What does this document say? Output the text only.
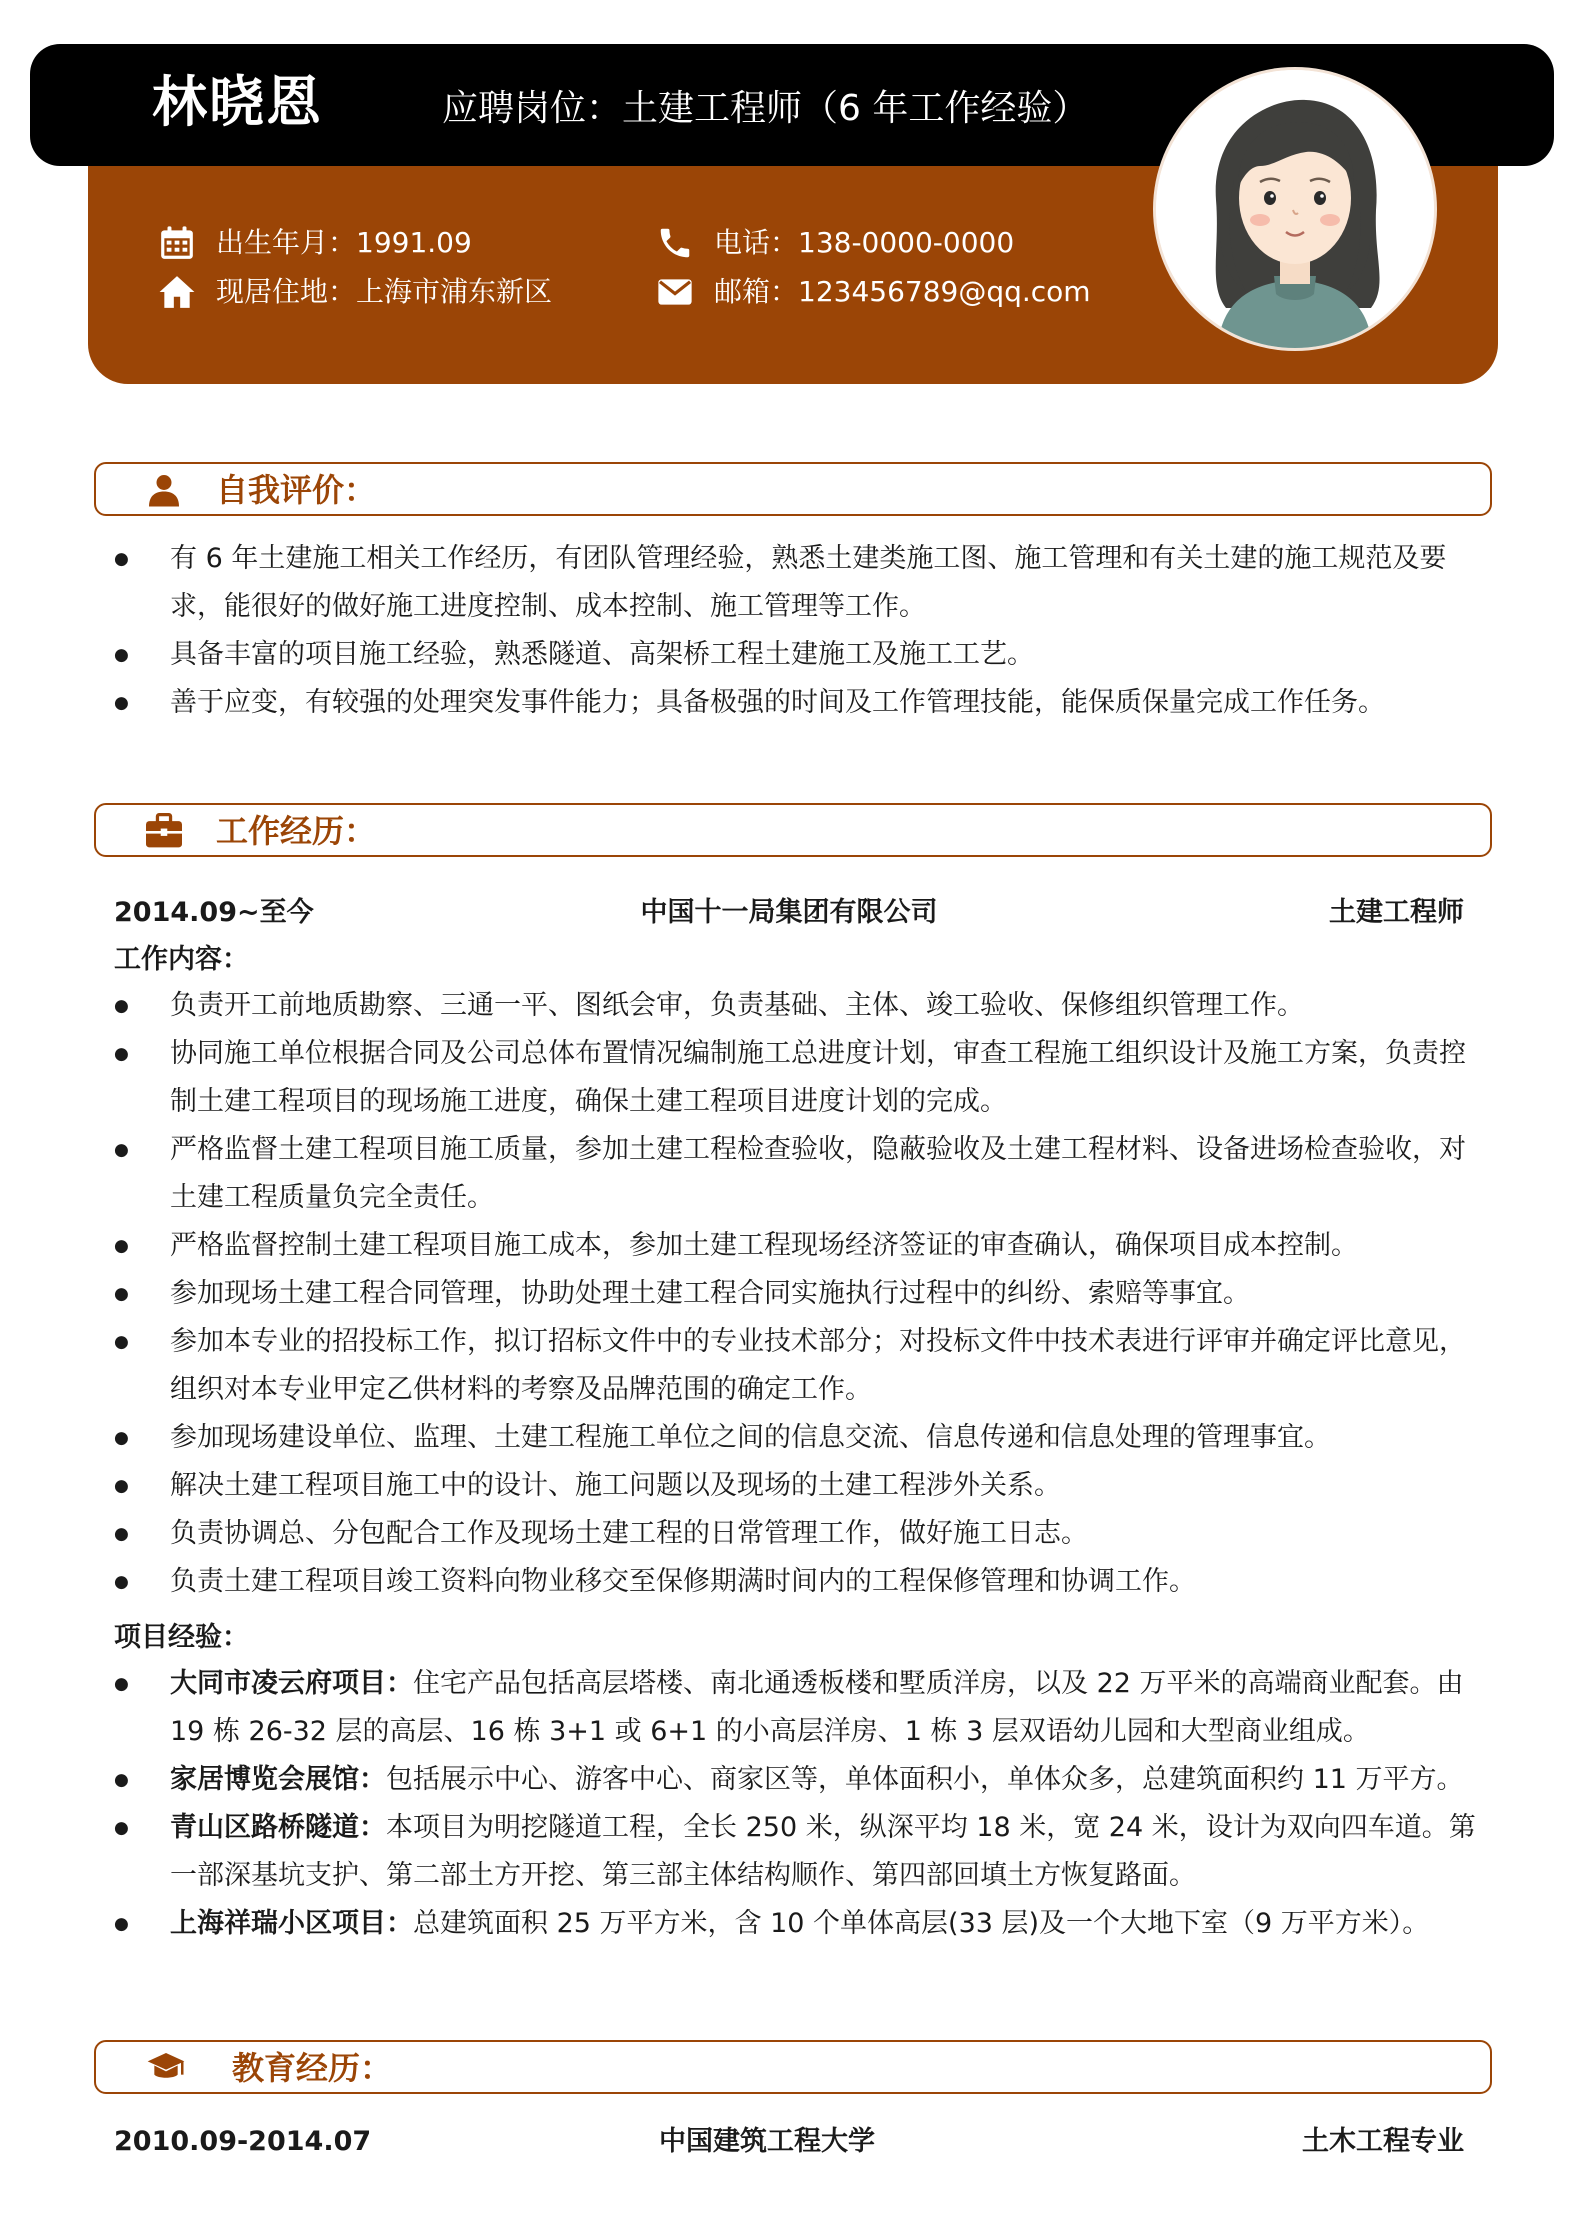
林晓恩	应聘岗位：土建工程师（6 年工作经验）
出生年月：1991.09
现居住地：上海市浦东新区
电话：138-0000-0000
邮箱：123456789@qq.com
自我评价：
● 有 6 年土建施工相关工作经历，有团队管理经验，熟悉土建类施工图、施工管理和有关土建的施工规范及要求，能很好的做好施工进度控制、成本控制、施工管理等工作。
● 具备丰富的项目施工经验，熟悉隧道、高架桥工程土建施工及施工工艺。
● 善于应变，有较强的处理突发事件能力；具备极强的时间及工作管理技能，能保质保量完成工作任务。
工作经历：
2014.09~至今	中国十一局集团有限公司	土建工程师
工作内容：
● 负责开工前地质勘察、三通一平、图纸会审，负责基础、主体、竣工验收、保修组织管理工作。
● 协同施工单位根据合同及公司总体布置情况编制施工总进度计划，审查工程施工组织设计及施工方案，负责控制土建工程项目的现场施工进度，确保土建工程项目进度计划的完成。
● 严格监督土建工程项目施工质量，参加土建工程检查验收，隐蔽验收及土建工程材料、设备进场检查验收，对土建工程质量负完全责任。
● 严格监督控制土建工程项目施工成本，参加土建工程现场经济签证的审查确认，确保项目成本控制。
● 参加现场土建工程合同管理，协助处理土建工程合同实施执行过程中的纠纷、索赔等事宜。
● 参加本专业的招投标工作，拟订招标文件中的专业技术部分；对投标文件中技术表进行评审并确定评比意见，组织对本专业甲定乙供材料的考察及品牌范围的确定工作。
● 参加现场建设单位、监理、土建工程施工单位之间的信息交流、信息传递和信息处理的管理事宜。
● 解决土建工程项目施工中的设计、施工问题以及现场的土建工程涉外关系。
● 负责协调总、分包配合工作及现场土建工程的日常管理工作，做好施工日志。
● 负责土建工程项目竣工资料向物业移交至保修期满时间内的工程保修管理和协调工作。
项目经验：
● 大同市凌云府项目：住宅产品包括高层塔楼、南北通透板楼和墅质洋房，以及 22 万平米的高端商业配套。由 19 栋 26-32 层的高层、16 栋 3+1 或 6+1 的小高层洋房、1 栋 3 层双语幼儿园和大型商业组成。
● 家居博览会展馆：包括展示中心、游客中心、商家区等，单体面积小，单体众多，总建筑面积约 11 万平方。
● 青山区路桥隧道：本项目为明挖隧道工程，全长 250 米，纵深平均 18 米，宽 24 米，设计为双向四车道。第一部深基坑支护、第二部土方开挖、第三部主体结构顺作、第四部回填土方恢复路面。
● 上海祥瑞小区项目：总建筑面积 25 万平方米，含 10 个单体高层(33 层)及一个大地下室（9 万平方米）。
教育经历：
2010.09-2014.07	中国建筑工程大学	土木工程专业
